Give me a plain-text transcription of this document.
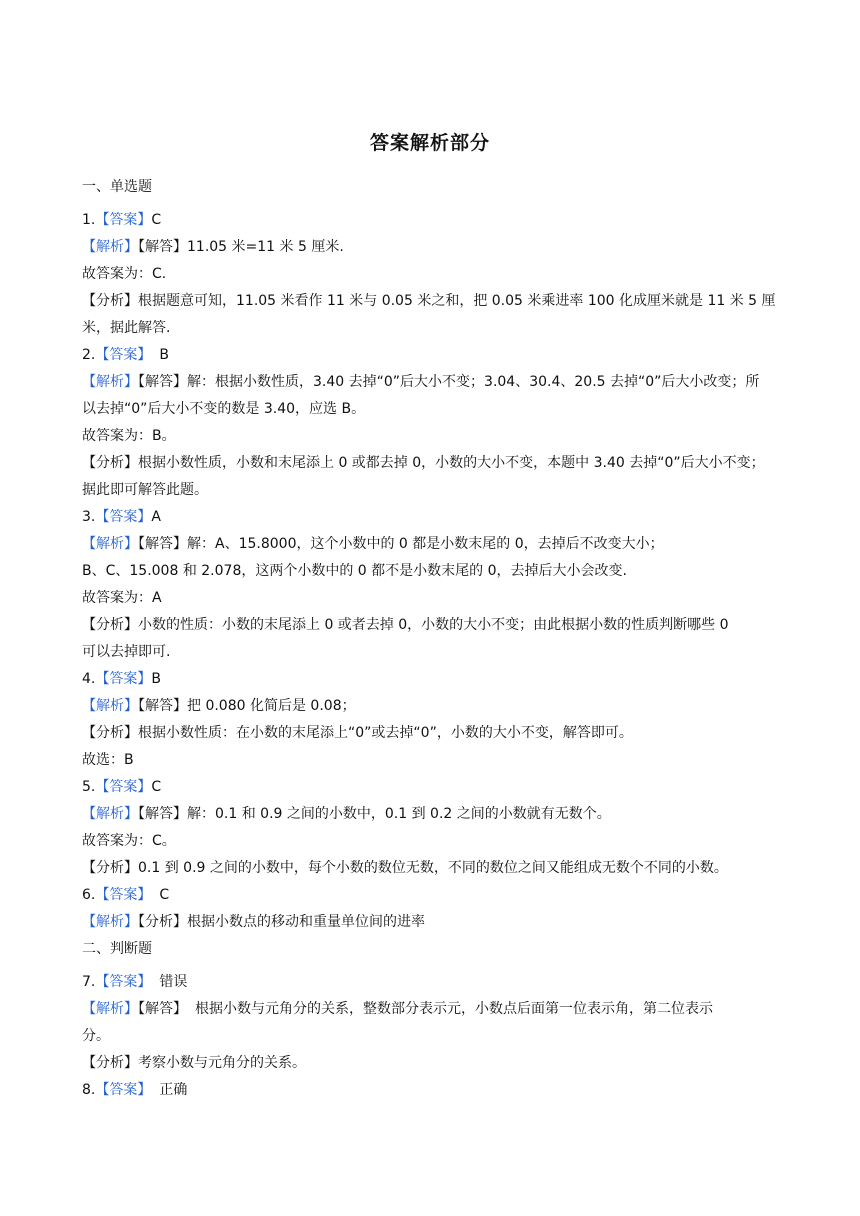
答案解析部分
一、单选题
1.【答案】C
【解析】【解答】11.05 米=11 米 5 厘米.
故答案为：C.
【分析】根据题意可知，11.05 米看作 11 米与 0.05 米之和，把 0.05 米乘进率 100 化成厘米就是 11 米 5 厘
米，据此解答.
2.【答案】 B
【解析】【解答】解：根据小数性质，3.40 去掉“0”后大小不变；3.04、30.4、20.5 去掉“0”后大小改变；所
以去掉“0”后大小不变的数是 3.40，应选 B。
故答案为：B。
【分析】根据小数性质，小数和末尾添上 0 或都去掉 0，小数的大小不变，本题中 3.40 去掉“0”后大小不变；
据此即可解答此题。
3.【答案】A
【解析】【解答】解：A、15.8000，这个小数中的 0 都是小数末尾的 0，去掉后不改变大小；
B、C、15.008 和 2.078，这两个小数中的 0 都不是小数末尾的 0，去掉后大小会改变.
故答案为：A
【分析】小数的性质：小数的末尾添上 0 或者去掉 0，小数的大小不变；由此根据小数的性质判断哪些 0
可以去掉即可.
4.【答案】B
【解析】【解答】把 0.080 化简后是 0.08；
【分析】根据小数性质：在小数的末尾添上“0”或去掉“0”，小数的大小不变，解答即可。
故选：B
5.【答案】C
【解析】【解答】解：0.1 和 0.9 之间的小数中，0.1 到 0.2 之间的小数就有无数个。
故答案为：C。
【分析】0.1 到 0.9 之间的小数中，每个小数的数位无数，不同的数位之间又能组成无数个不同的小数。
6.【答案】 C
【解析】【分析】根据小数点的移动和重量单位间的进率
二、判断题
7.【答案】 错误
【解析】【解答】 根据小数与元角分的关系，整数部分表示元，小数点后面第一位表示角，第二位表示
分。
【分析】考察小数与元角分的关系。
8.【答案】 正确
